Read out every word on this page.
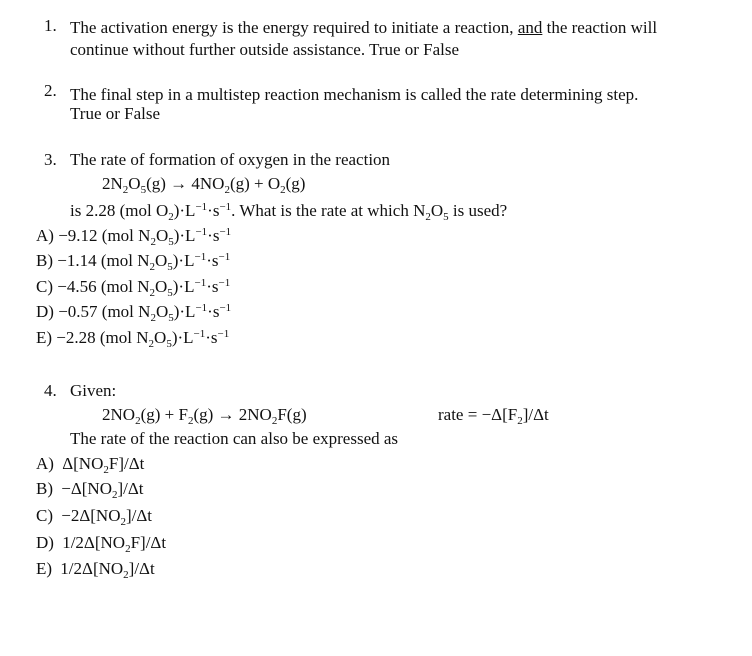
1. The activation energy is the energy required to initiate a reaction, and the reaction will
continue without further outside assistance. True or False
2. The final step in a multistep reaction mechanism is called the rate determining step.
True or False
3. The rate of formation of oxygen in the reaction
$2N_2O_5(g) \to 4NO_2(g) + O_2(g)$
is 2.28 (mol $O_2)\cdot L^{-1}\cdot s^{-1}$. What is the rate at which $N_2O_5$ is used?
A) −9.12 (mol $N_2O_5)\cdot L^{-1}\cdot s^{-1}$
B) −1.14 (mol $N_2O_5)\cdot L^{-1}\cdot s^{-1}$
C) −4.56 (mol $N_2O_5)\cdot L^{-1}\cdot s^{-1}$
D) −0.57 (mol $N_2O_5)\cdot L^{-1}\cdot s^{-1}$
E) −2.28 (mol $N_2O_5)\cdot L^{-1}\cdot s^{-1}$
4. Given:
$2NO_2(g) + F_2(g) \to 2NO_2F(g)$	rate = $-\Delta[F_2]/\Delta t$
The rate of the reaction can also be expressed as
A) $\Delta[NO_2F]/\Delta t$
$B) -\Delta[NO_2]/\Delta t$
$C) -2\Delta[NO_2]/\Delta t$
D) $1/2\Delta[NO_2F]/\Delta t$
E) $1/2\Delta[NO_2]/\Delta t$
